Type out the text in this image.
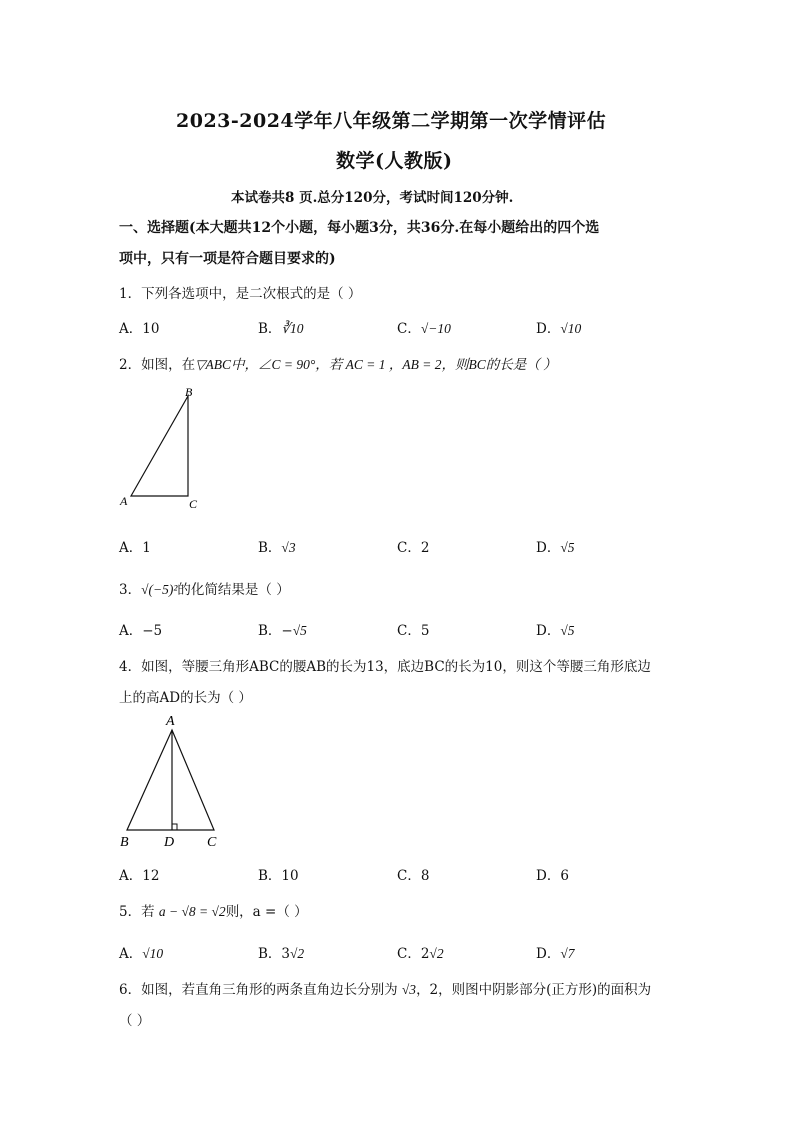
2023-2024学年八年级第二学期第一次学情评估
数学(人教版)
本试卷共8 页.总分120分，考试时间120分钟.
一、选择题(本大题共12个小题，每小题3分，共36分.在每小题给出的四个选
项中，只有一项是符合题目要求的)
1．下列各选项中，是二次根式的是（ ）
A．10	B．∛10	C．√−10	D．√10
2．如图，在▽ABC中，∠C = 90°，若 AC = 1 ，AB = 2，则BC的长是（ ）
A
B
C
A．1	B．√3	C．2	D．√5
3．√(−5)²的化简结果是（ ）
A．−5	B．−√5	C．5	D．√5
4．如图，等腰三角形ABC的腰AB的长为13，底边BC的长为10，则这个等腰三角形底边
上的高AD的长为（ ）
A
B	D C
A．12	B．10	C．8	D．6
5．若 a − √8 = √2则，a =（ ）
A．√10	B．3√2	C．2√2	D．√7
6．如图，若直角三角形的两条直角边长分别为 √3，2，则图中阴影部分(正方形)的面积为
（ ）
